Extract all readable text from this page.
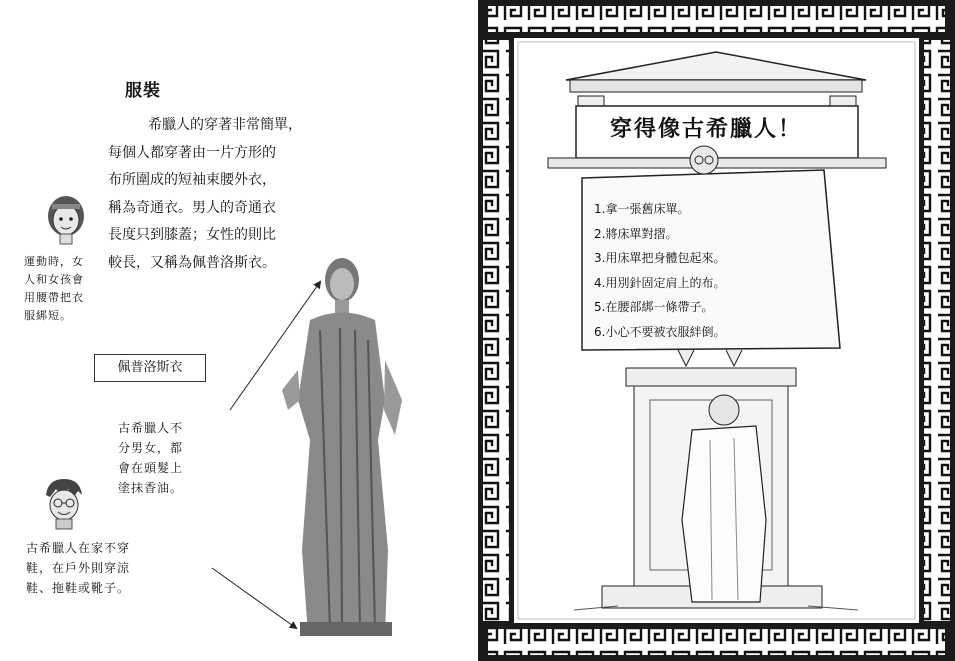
服裝
希臘人的穿著非常簡單，
每個人都穿著由一片方形的
布所圍成的短袖束腰外衣，
稱為奇通衣。男人的奇通衣
長度只到膝蓋；女性的則比
較長，又稱為佩普洛斯衣。
運動時，女
人和女孩會
用腰帶把衣
服綁短。
佩普洛斯衣
古希臘人不
分男女，都
會在頭髮上
塗抹香油。
古希臘人在家不穿
鞋，在戶外則穿涼
鞋、拖鞋或靴子。
穿得像古希臘人！
1.拿一張舊床單。
2.將床單對摺。
3.用床單把身體包起來。
4.用別針固定肩上的布。
5.在腰部綁一條帶子。
6.小心不要被衣服絆倒。
